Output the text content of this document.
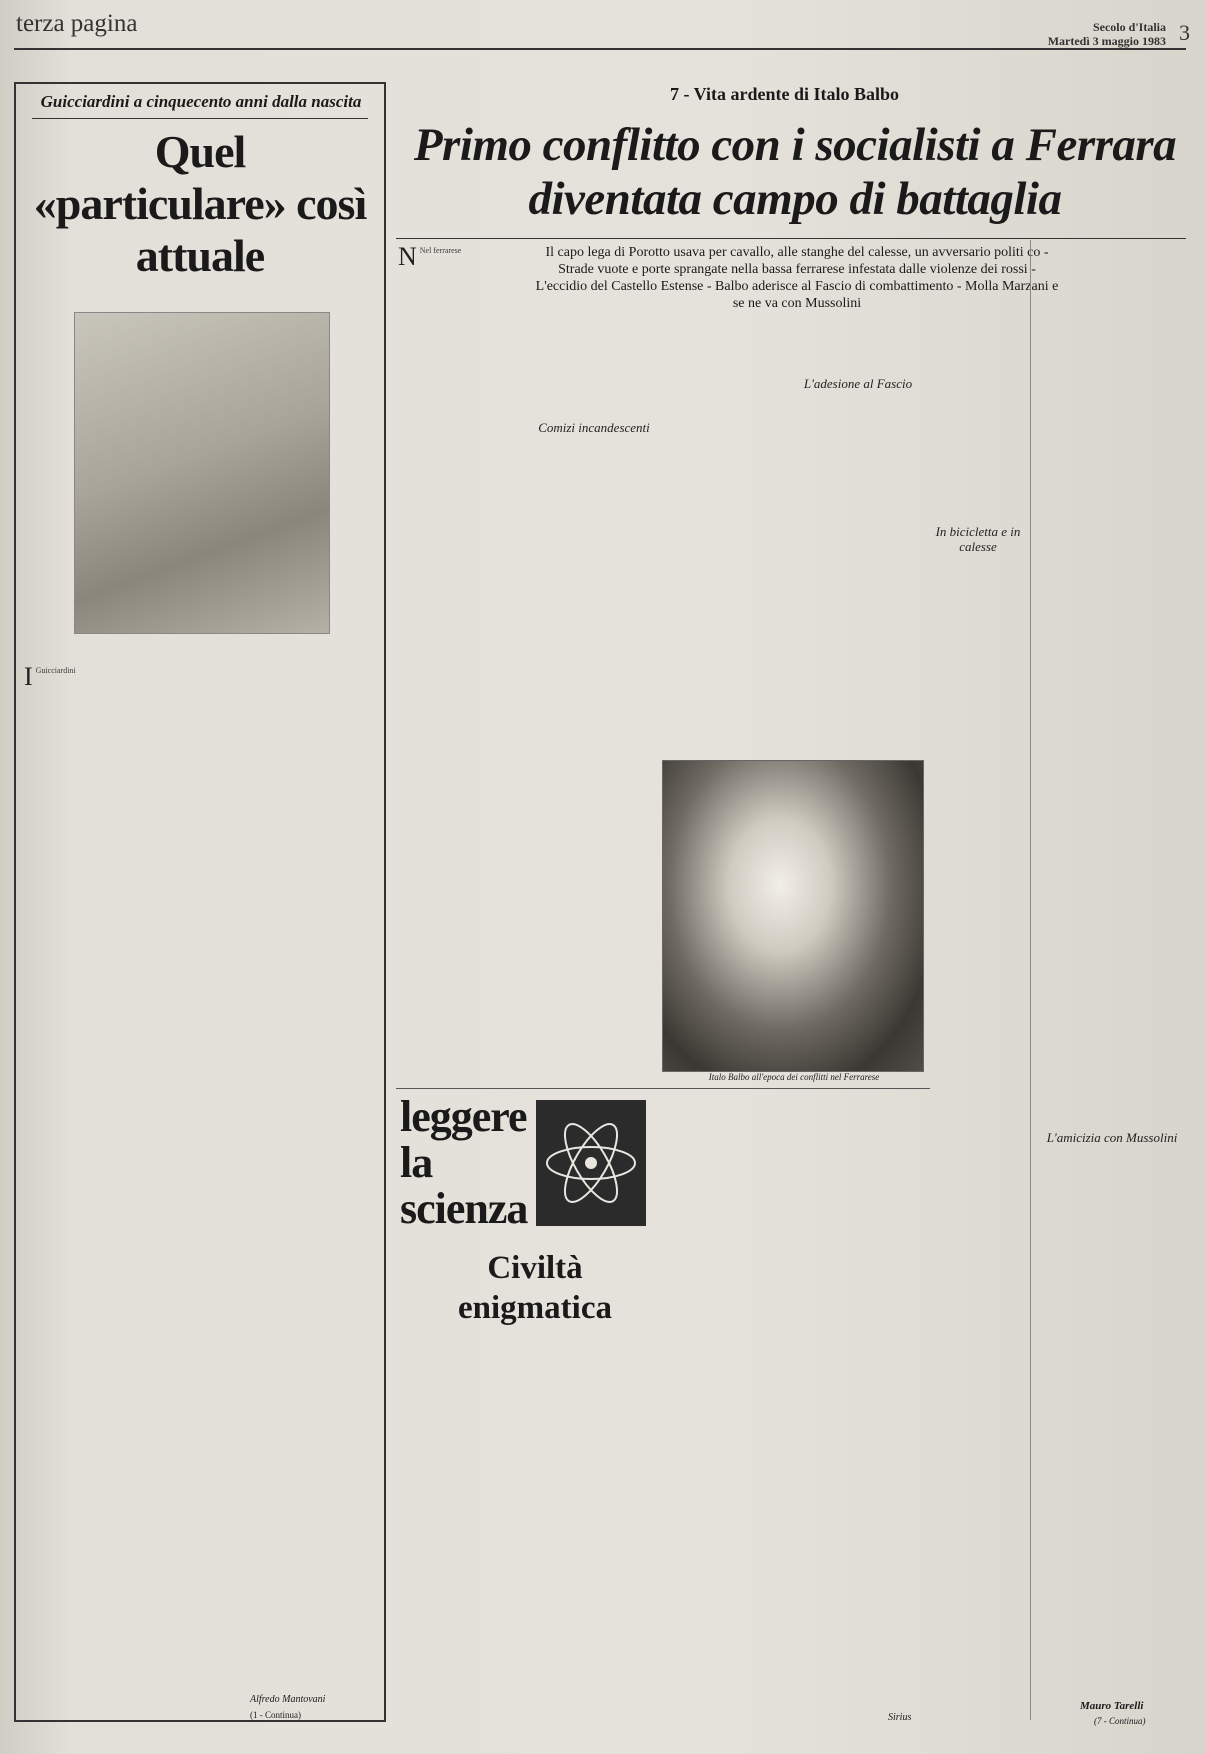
terza pagina	Secolo d'Italia
Martedì 3 maggio 1983 3
Guicciardini a cinquecento anni dalla nascita
Quel «particulare» così attuale
I Guicciardini
Alfredo Mantovani
(1 - Continua)
7 - Vita ardente di Italo Balbo
Primo conflitto con i socialisti a Ferrara diventata campo di battaglia
Il capo lega di Porotto usava per cavallo, alle stanghe del calesse, un avversario politi co - Strade vuote e porte sprangate nella bassa ferrarese infestata dalle violenze dei rossi - L'eccidio del Castello Estense - Balbo aderisce al Fascio di combattimento - Molla Marzani e se ne va con Mussolini
N Nel ferrarese
Comizi incandescenti
L'adesione al Fascio
In bicicletta e in calesse
L'amicizia con Mussolini
Italo Balbo all'epoca dei conflitti nel Ferrarese
Mauro Tarelli
(7 - Continua)
leggere la scienza
Civiltà enigmatica
Sirius
